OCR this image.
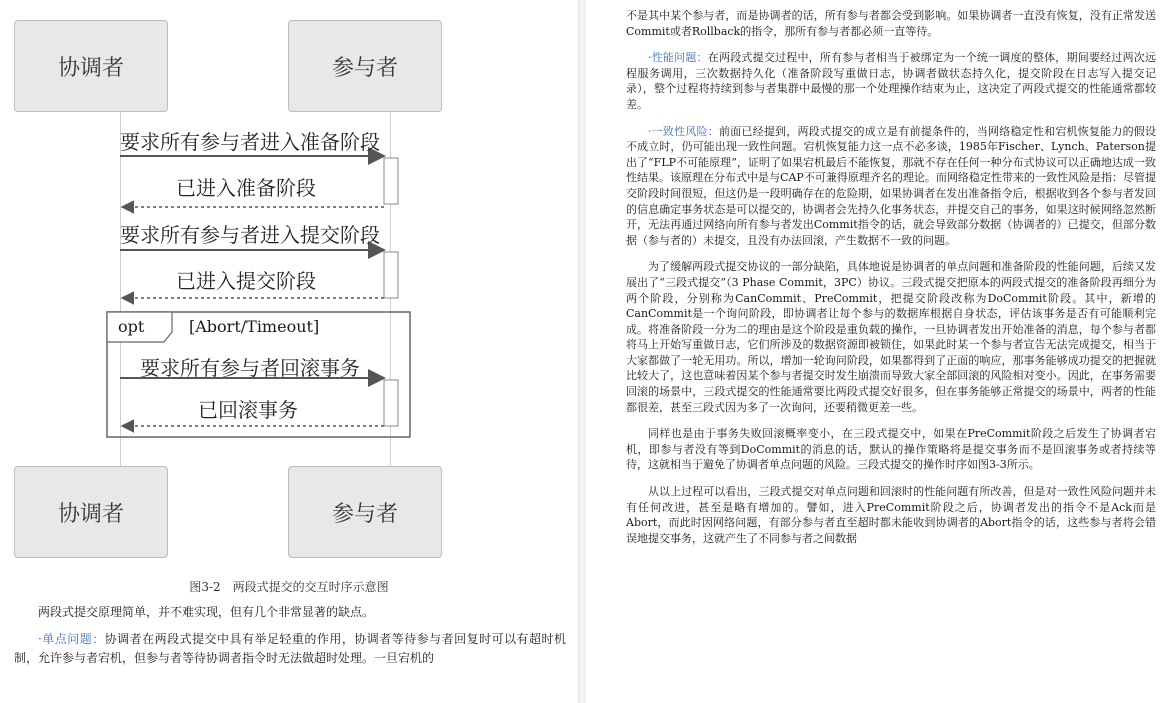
协调者	参与者
协调者	参与者
要求所有参与者进入准备阶段
已进入准备阶段
要求所有参与者进入提交阶段
已进入提交阶段
opt	[Abort/Timeout]
要求所有参与者回滚事务
已回滚事务
图3-2　两段式提交的交互时序示意图

两段式提交原理简单，并不难实现，但有几个非常显著的缺点。

·单点问题：协调者在两段式提交中具有举足轻重的作用，协调者等待参与者回复时可以有超时机制，允许参与者宕机，但参与者等待协调者指令时无法做超时处理。一旦宕机的

不是其中某个参与者，而是协调者的话，所有参与者都会受到影响。如果协调者一直没有恢复，没有正常发送Commit或者Rollback的指令，那所有参与者都必须一直等待。

·性能问题：在两段式提交过程中，所有参与者相当于被绑定为一个统一调度的整体，期间要经过两次远程服务调用，三次数据持久化（准备阶段写重做日志，协调者做状态持久化，提交阶段在日志写入提交记录），整个过程将持续到参与者集群中最慢的那一个处理操作结束为止，这决定了两段式提交的性能通常都较差。

·一致性风险：前面已经提到，两段式提交的成立是有前提条件的，当网络稳定性和宕机恢复能力的假设不成立时，仍可能出现一致性问题。宕机恢复能力这一点不必多谈，1985年Fischer、Lynch、Paterson提出了“FLP不可能原理”，证明了如果宕机最后不能恢复，那就不存在任何一种分布式协议可以正确地达成一致性结果。该原理在分布式中是与CAP不可兼得原理齐名的理论。而网络稳定性带来的一致性风险是指：尽管提交阶段时间很短，但这仍是一段明确存在的危险期，如果协调者在发出准备指令后，根据收到各个参与者发回的信息确定事务状态是可以提交的，协调者会先持久化事务状态，并提交自己的事务，如果这时候网络忽然断开，无法再通过网络向所有参与者发出Commit指令的话，就会导致部分数据（协调者的）已提交，但部分数据（参与者的）未提交，且没有办法回滚，产生数据不一致的问题。

为了缓解两段式提交协议的一部分缺陷，具体地说是协调者的单点问题和准备阶段的性能问题，后续又发展出了“三段式提交”（3 Phase Commit，3PC）协议。三段式提交把原本的两段式提交的准备阶段再细分为两个阶段，分别称为CanCommit、PreCommit，把提交阶段改称为DoCommit阶段。其中，新增的CanCommit是一个询问阶段，即协调者让每个参与的数据库根据自身状态，评估该事务是否有可能顺利完成。将准备阶段一分为二的理由是这个阶段是重负载的操作，一旦协调者发出开始准备的消息，每个参与者都将马上开始写重做日志，它们所涉及的数据资源即被锁住，如果此时某一个参与者宣告无法完成提交，相当于大家都做了一轮无用功。所以，增加一轮询问阶段，如果都得到了正面的响应，那事务能够成功提交的把握就比较大了，这也意味着因某个参与者提交时发生崩溃而导致大家全部回滚的风险相对变小。因此，在事务需要回滚的场景中，三段式提交的性能通常要比两段式提交好很多，但在事务能够正常提交的场景中，两者的性能都很差，甚至三段式因为多了一次询问，还要稍微更差一些。

同样也是由于事务失败回滚概率变小，在三段式提交中，如果在PreCommit阶段之后发生了协调者宕机，即参与者没有等到DoCommit的消息的话，默认的操作策略将是提交事务而不是回滚事务或者持续等待，这就相当于避免了协调者单点问题的风险。三段式提交的操作时序如图3-3所示。

从以上过程可以看出，三段式提交对单点问题和回滚时的性能问题有所改善，但是对一致性风险问题并未有任何改进，甚至是略有增加的。譬如，进入PreCommit阶段之后，协调者发出的指令不是Ack而是Abort，而此时因网络问题，有部分参与者直至超时都未能收到协调者的Abort指令的话，这些参与者将会错误地提交事务，这就产生了不同参与者之间数据
